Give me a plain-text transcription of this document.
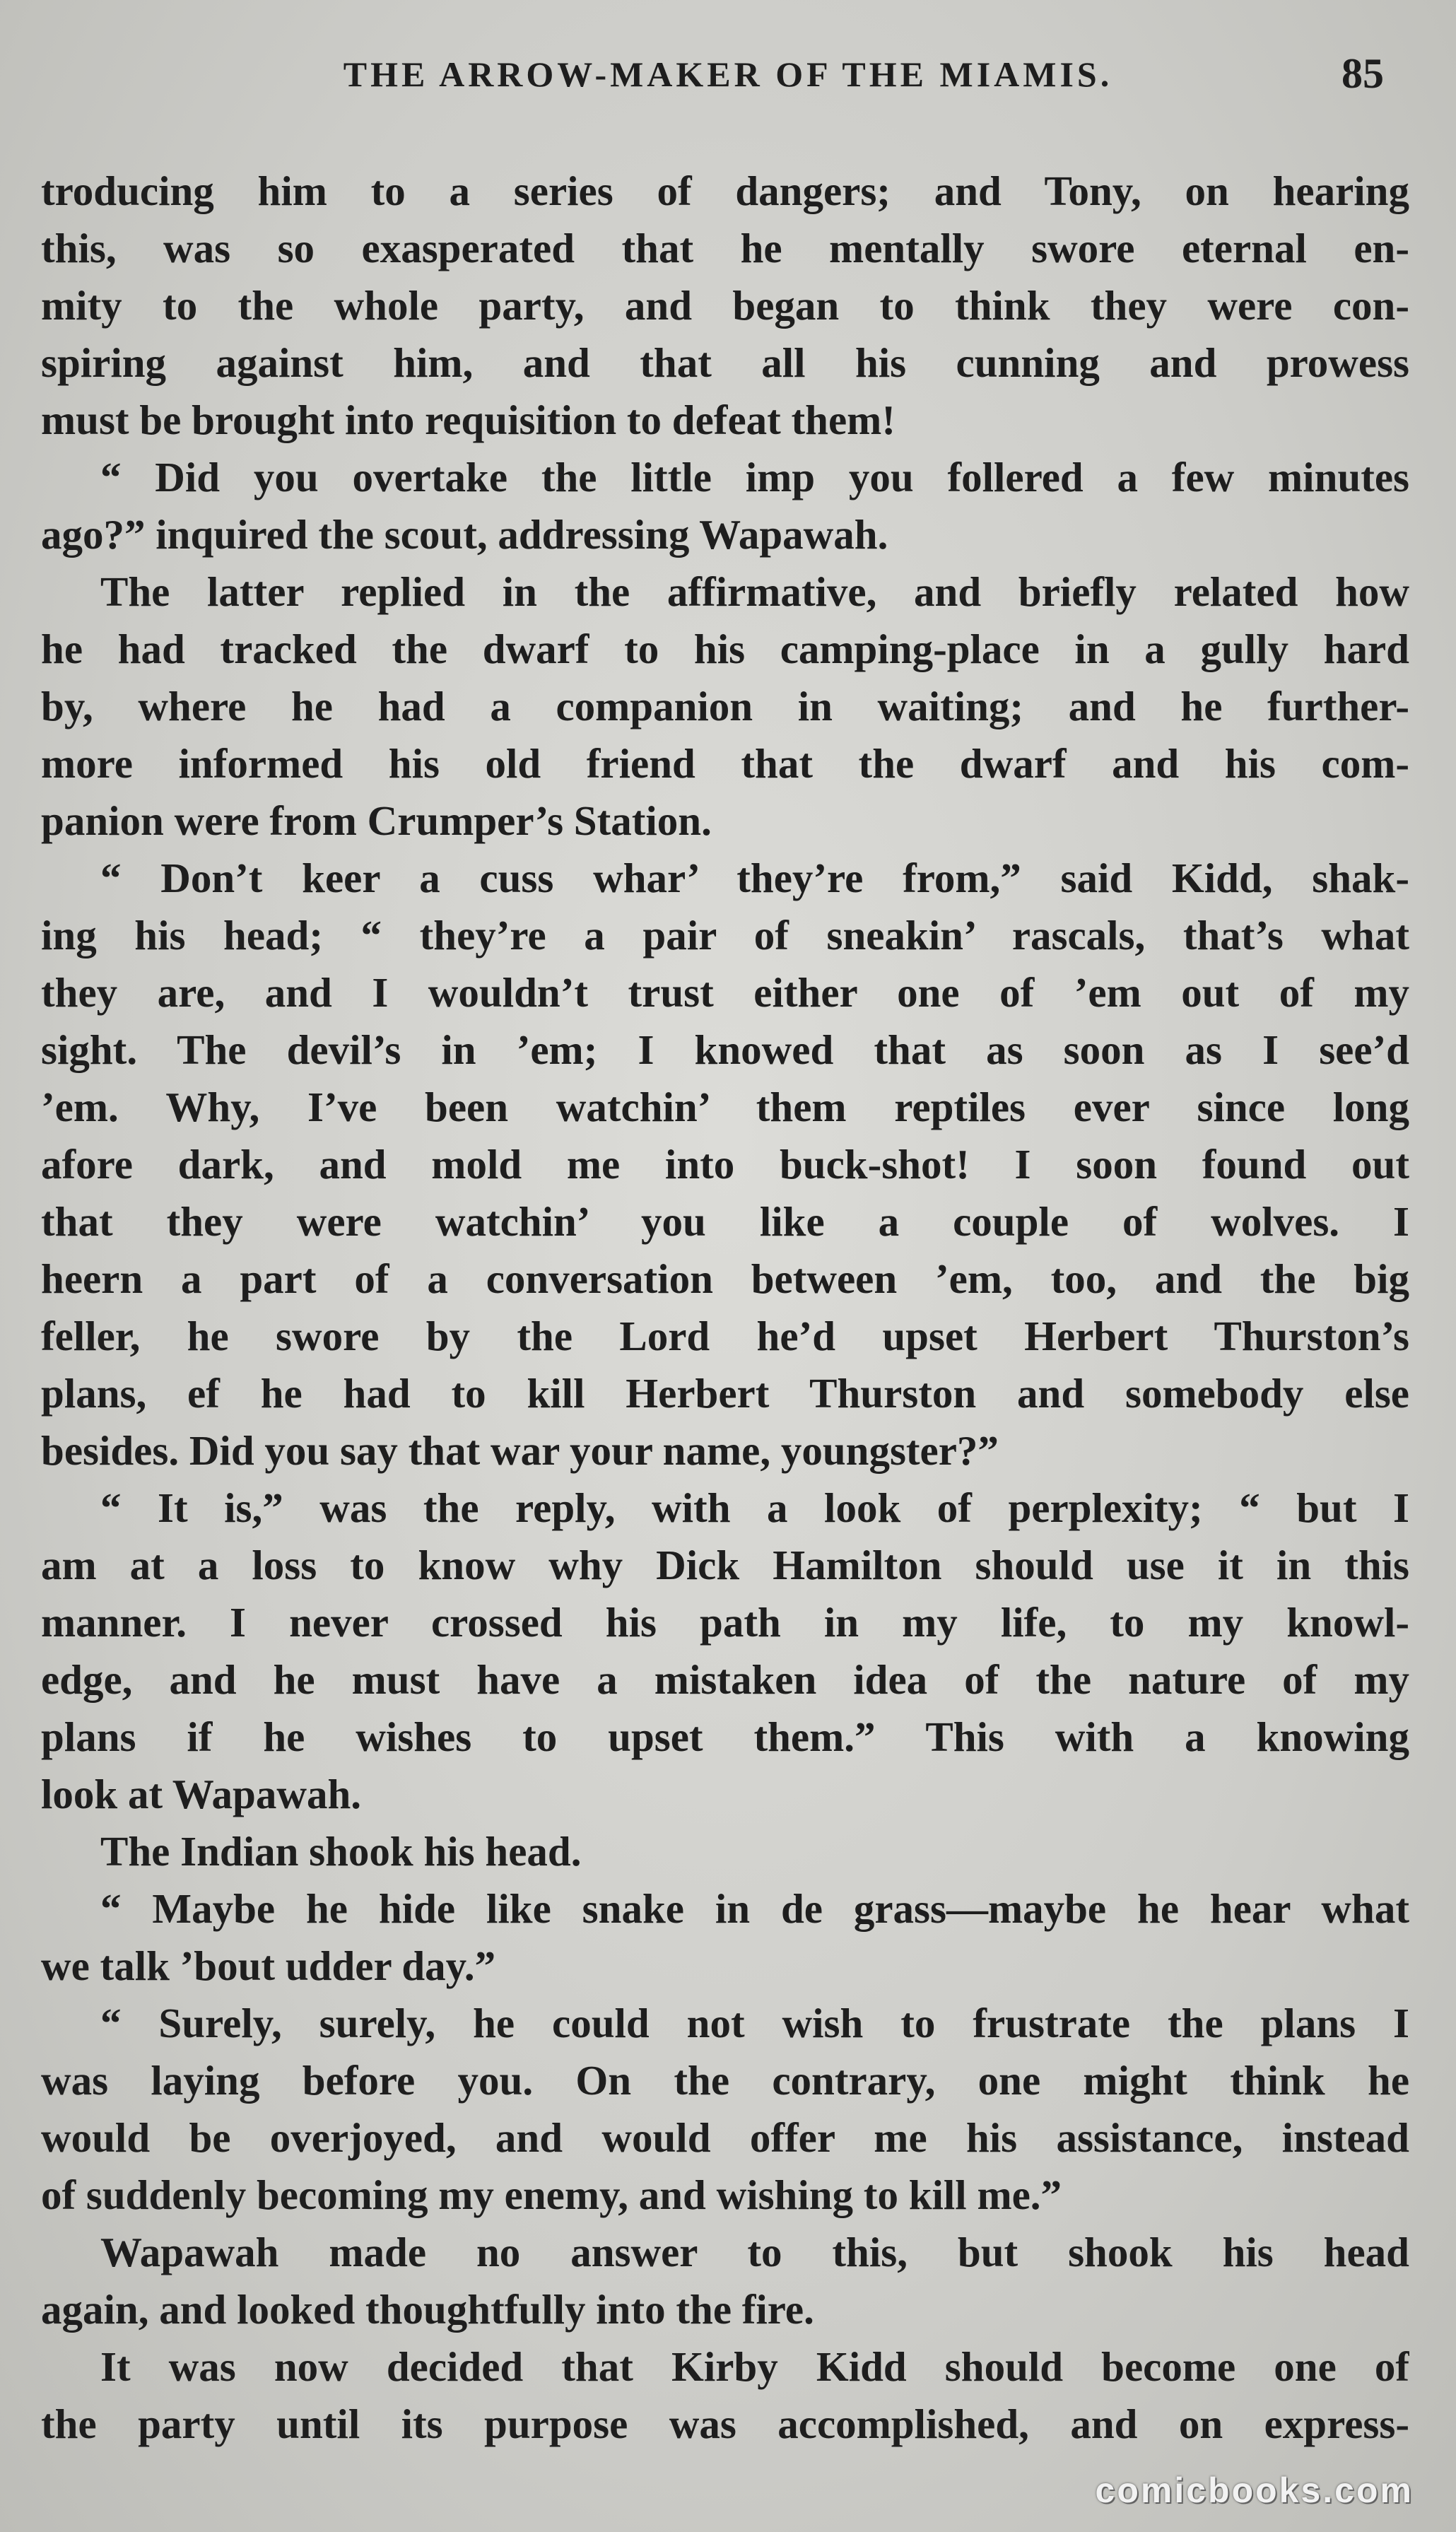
THE ARROW-MAKER OF THE MIAMIS.	85
troducing him to a series of dangers; and Tony, on hearing
this, was so exasperated that he mentally swore eternal en-
mity to the whole party, and began to think they were con-
spiring against him, and that all his cunning and prowess
must be brought into requisition to defeat them!
“ Did you overtake the little imp you follered a few minutes
ago?” inquired the scout, addressing Wapawah.
The latter replied in the affirmative, and briefly related how
he had tracked the dwarf to his camping-place in a gully hard
by, where he had a companion in waiting; and he further-
more informed his old friend that the dwarf and his com-
panion were from Crumper’s Station.
“ Don’t keer a cuss whar’ they’re from,” said Kidd, shak-
ing his head; “ they’re a pair of sneakin’ rascals, that’s what
they are, and I wouldn’t trust either one of ’em out of my
sight. The devil’s in ’em; I knowed that as soon as I see’d
’em. Why, I’ve been watchin’ them reptiles ever since long
afore dark, and mold me into buck-shot! I soon found out
that they were watchin’ you like a couple of wolves. I
heern a part of a conversation between ’em, too, and the big
feller, he swore by the Lord he’d upset Herbert Thurston’s
plans, ef he had to kill Herbert Thurston and somebody else
besides. Did you say that war your name, youngster?”
“ It is,” was the reply, with a look of perplexity; “ but I
am at a loss to know why Dick Hamilton should use it in this
manner. I never crossed his path in my life, to my knowl-
edge, and he must have a mistaken idea of the nature of my
plans if he wishes to upset them.” This with a knowing
look at Wapawah.
The Indian shook his head.
“ Maybe he hide like snake in de grass—maybe he hear what
we talk ’bout udder day.”
“ Surely, surely, he could not wish to frustrate the plans I
was laying before you. On the contrary, one might think he
would be overjoyed, and would offer me his assistance, instead
of suddenly becoming my enemy, and wishing to kill me.”
Wapawah made no answer to this, but shook his head
again, and looked thoughtfully into the fire.
It was now decided that Kirby Kidd should become one of
the party until its purpose was accomplished, and on express-
comicbooks.com
